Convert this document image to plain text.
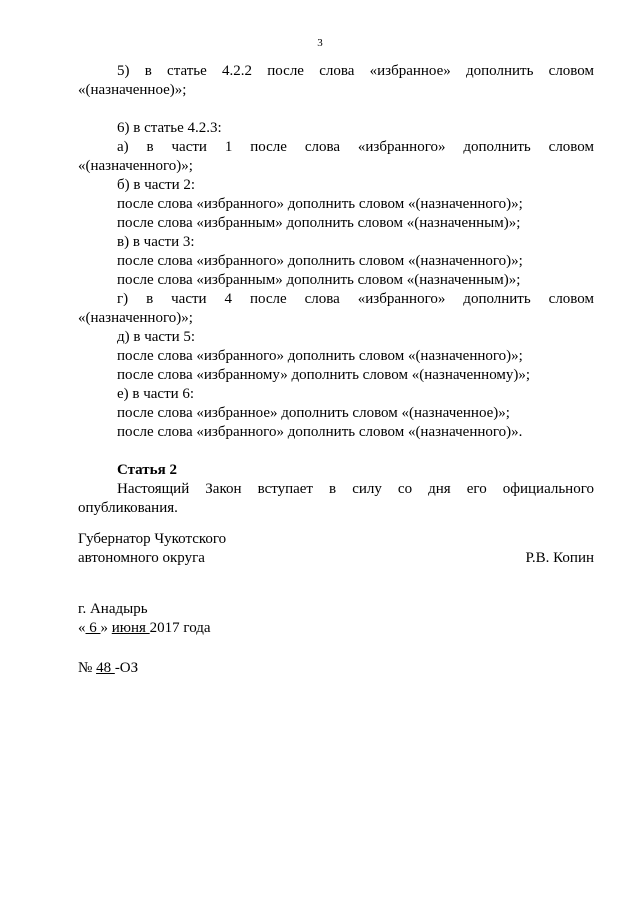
3

5) в статье 4.2.2 после слова «избранное» дополнить словом

«(назначенное)»;

6) в статье 4.2.3:

а) в части 1 после слова «избранного» дополнить словом

«(назначенного)»;

б) в части 2:

после слова «избранного» дополнить словом «(назначенного)»;

после слова «избранным» дополнить словом «(назначенным)»;

в) в части 3:

после слова «избранного» дополнить словом «(назначенного)»;

после слова «избранным» дополнить словом «(назначенным)»;

г) в части 4 после слова «избранного» дополнить словом

«(назначенного)»;

д) в части 5:

после слова «избранного» дополнить словом «(назначенного)»;

после слова «избранному» дополнить словом «(назначенному)»;

е) в части 6:

после слова «избранное» дополнить словом «(назначенное)»;

после слова «избранного» дополнить словом «(назначенного)».

Статья 2

Настоящий Закон вступает в силу со дня его официального

опубликования.

Губернатор Чукотского
автономного округа	Р.В. Копин
г. Анадырь
« 6 » июня 2017 года
№ 48 -ОЗ
